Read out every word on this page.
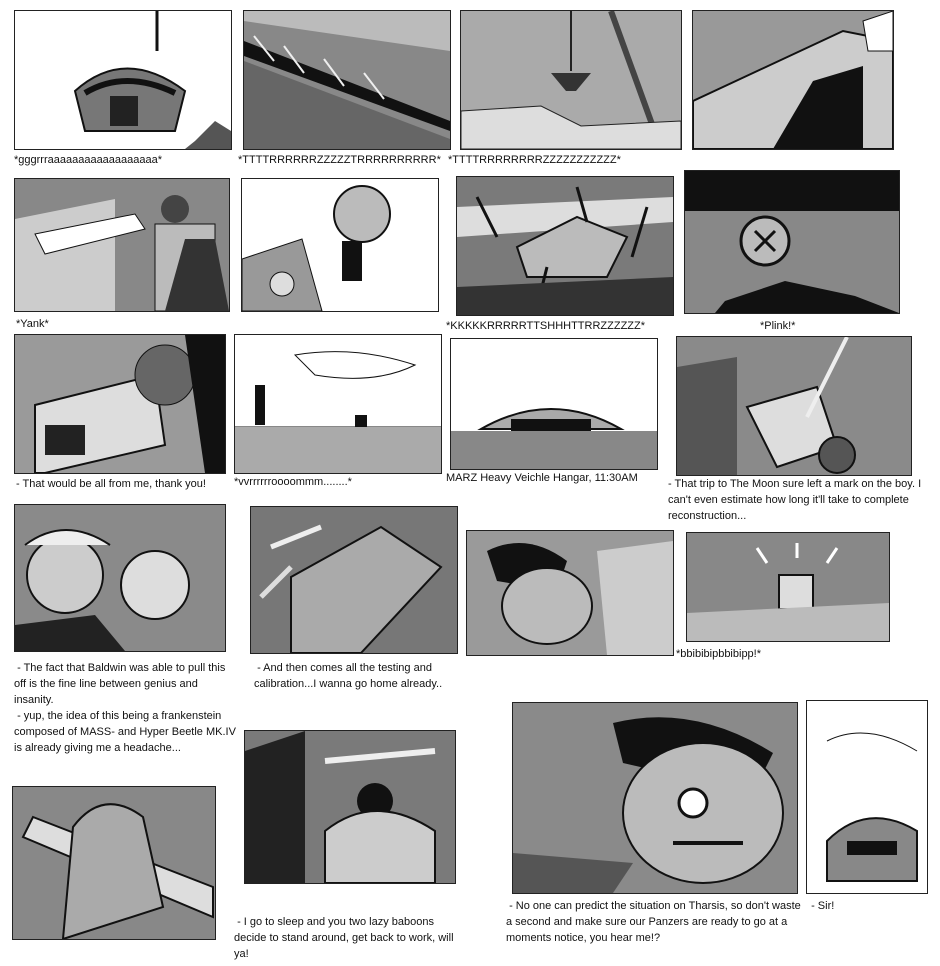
*gggrrraaaaaaaaaaaaaaaaaa*	*TTTTRRRRRRZZZZZTRRRRRRRRRR* *TTTTRRRRRRRRZZZZZZZZZZZ*
*Yank*	*KKKKKRRRRRTTSHHHTTRRZZZZZZ*	*Plink!*
- That would be all from me, thank you!	*vvrrrrrroooommm........*	MARZ Heavy Veichle Hangar, 11:30AM	- That trip to The Moon sure left a mark on the boy. I can't even estimate how long it'll take to complete reconstruction...
- The fact that Baldwin was able to pull this off is the fine line between genius and insanity.
- yup, the idea of this being a frankenstein composed of MASS- and Hyper Beetle MK.IV is already giving me a headache...
- And then comes all the testing and calibration...I wanna go home already..
*bbibibipbbibipp!*
- I go to sleep and you two lazy baboons decide to stand around, get back to work, will ya!
- No one can predict the situation on Tharsis, so don't waste a second and make sure our Panzers are ready to go at a moments notice, you hear me!?
- Sir!
